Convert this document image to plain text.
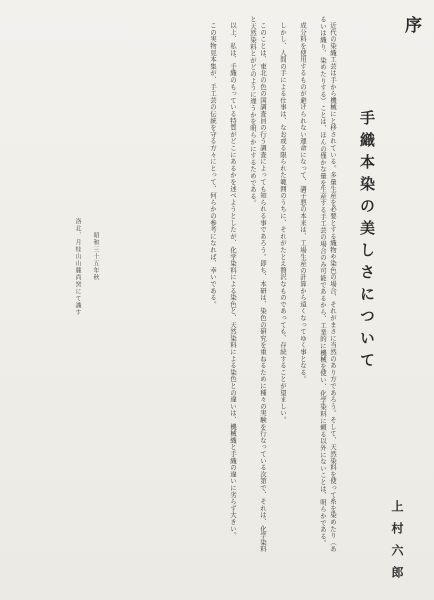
序
手織本染の美しさについて

近代の染織工芸は手から機械にと移されている。多量生産を必要とする織物や染色の場合、それがまさに当然のあり方であろう。そして、天然染料を使って糸を染めたり（あるいは織り、染めたりする）ことは、ほんの僅かな量を生産する手工芸の場合のみ可能であるから、工業的に機械を使い、化学染料に頼る以外にないことは、明らかである。

成分料を使用するものが避けられない運命になって、調子悪の本来は、工場生産の計算から遠くなってゆく事となる。

しかし、人間の手による仕事は、なお或る限られた範囲のうちに、それがたとえ贅沢なものであっても、存続することが望ましい。

このことは、東北の色の国調査員の行う調査によっても知られる事であろう。即ち、本研は、染色の研究を重ねるために種々の実験を行なっている次第で、それは、化学染料と天然染料とがどのように違うかを明らかにするためである。

以上、私は、手織のもっている特質がどこにあるかを述べようとしたが、化学染料による染色と、天然染料による染色との違いは、機械織と手織の違いに劣らず大きい。

この実物見本集が、手工芸の伝統を守る方々にとって、何らかの参考になれば、幸いである。

洛北、月桂山山麓尚窯にて識す 昭和三十五年秋
上村六郎
